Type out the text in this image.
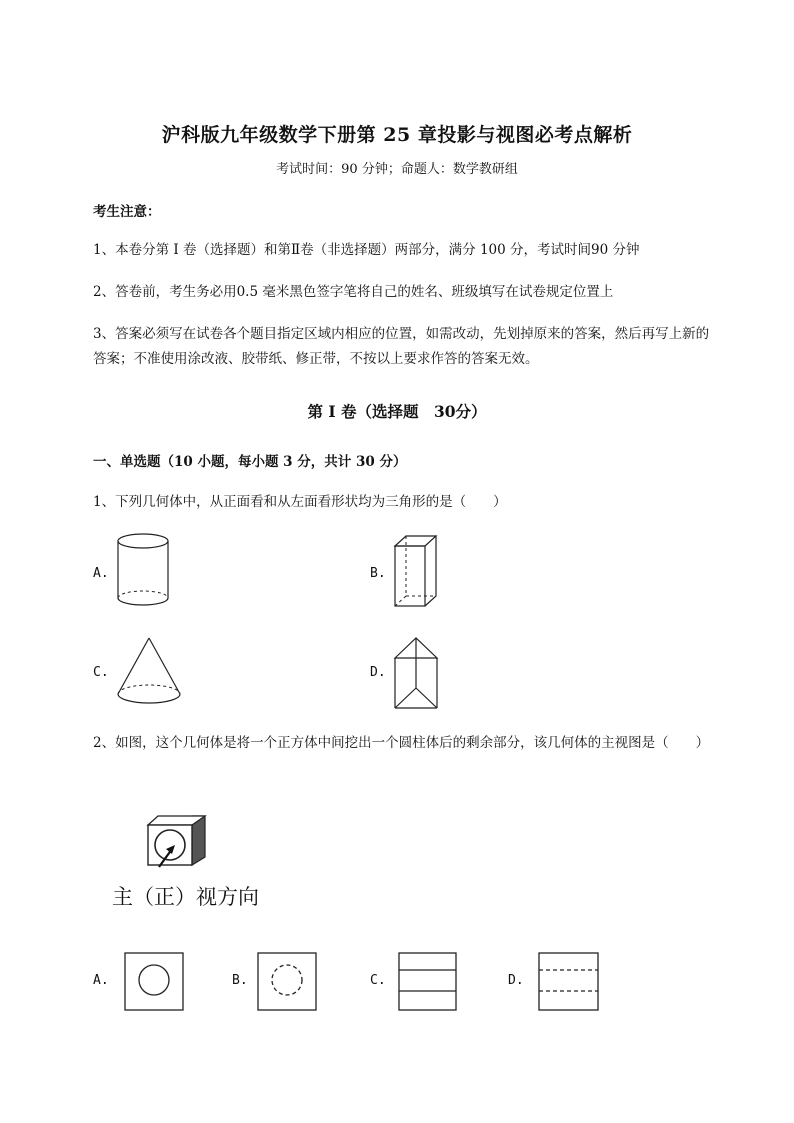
沪科版九年级数学下册第 25 章投影与视图必考点解析
考试时间：90 分钟；命题人：数学教研组
考生注意：
1、本卷分第 I 卷（选择题）和第Ⅱ卷（非选择题）两部分，满分 100 分，考试时间90 分钟
2、答卷前，考生务必用0.5 毫米黑色签字笔将自己的姓名、班级填写在试卷规定位置上
3、答案必须写在试卷各个题目指定区域内相应的位置，如需改动，先划掉原来的答案，然后再写上新的答案；不准使用涂改液、胶带纸、修正带，不按以上要求作答的答案无效。
第 I 卷（选择题　30分）
一、单选题（10 小题，每小题 3 分，共计 30 分）
1、下列几何体中，从正面看和从左面看形状均为三角形的是（　　）
A.	B.
C.	D.
2、如图，这个几何体是将一个正方体中间挖出一个圆柱体后的剩余部分，该几何体的主视图是（　　）
主（正）视方向
A.	B.	C.	D.
